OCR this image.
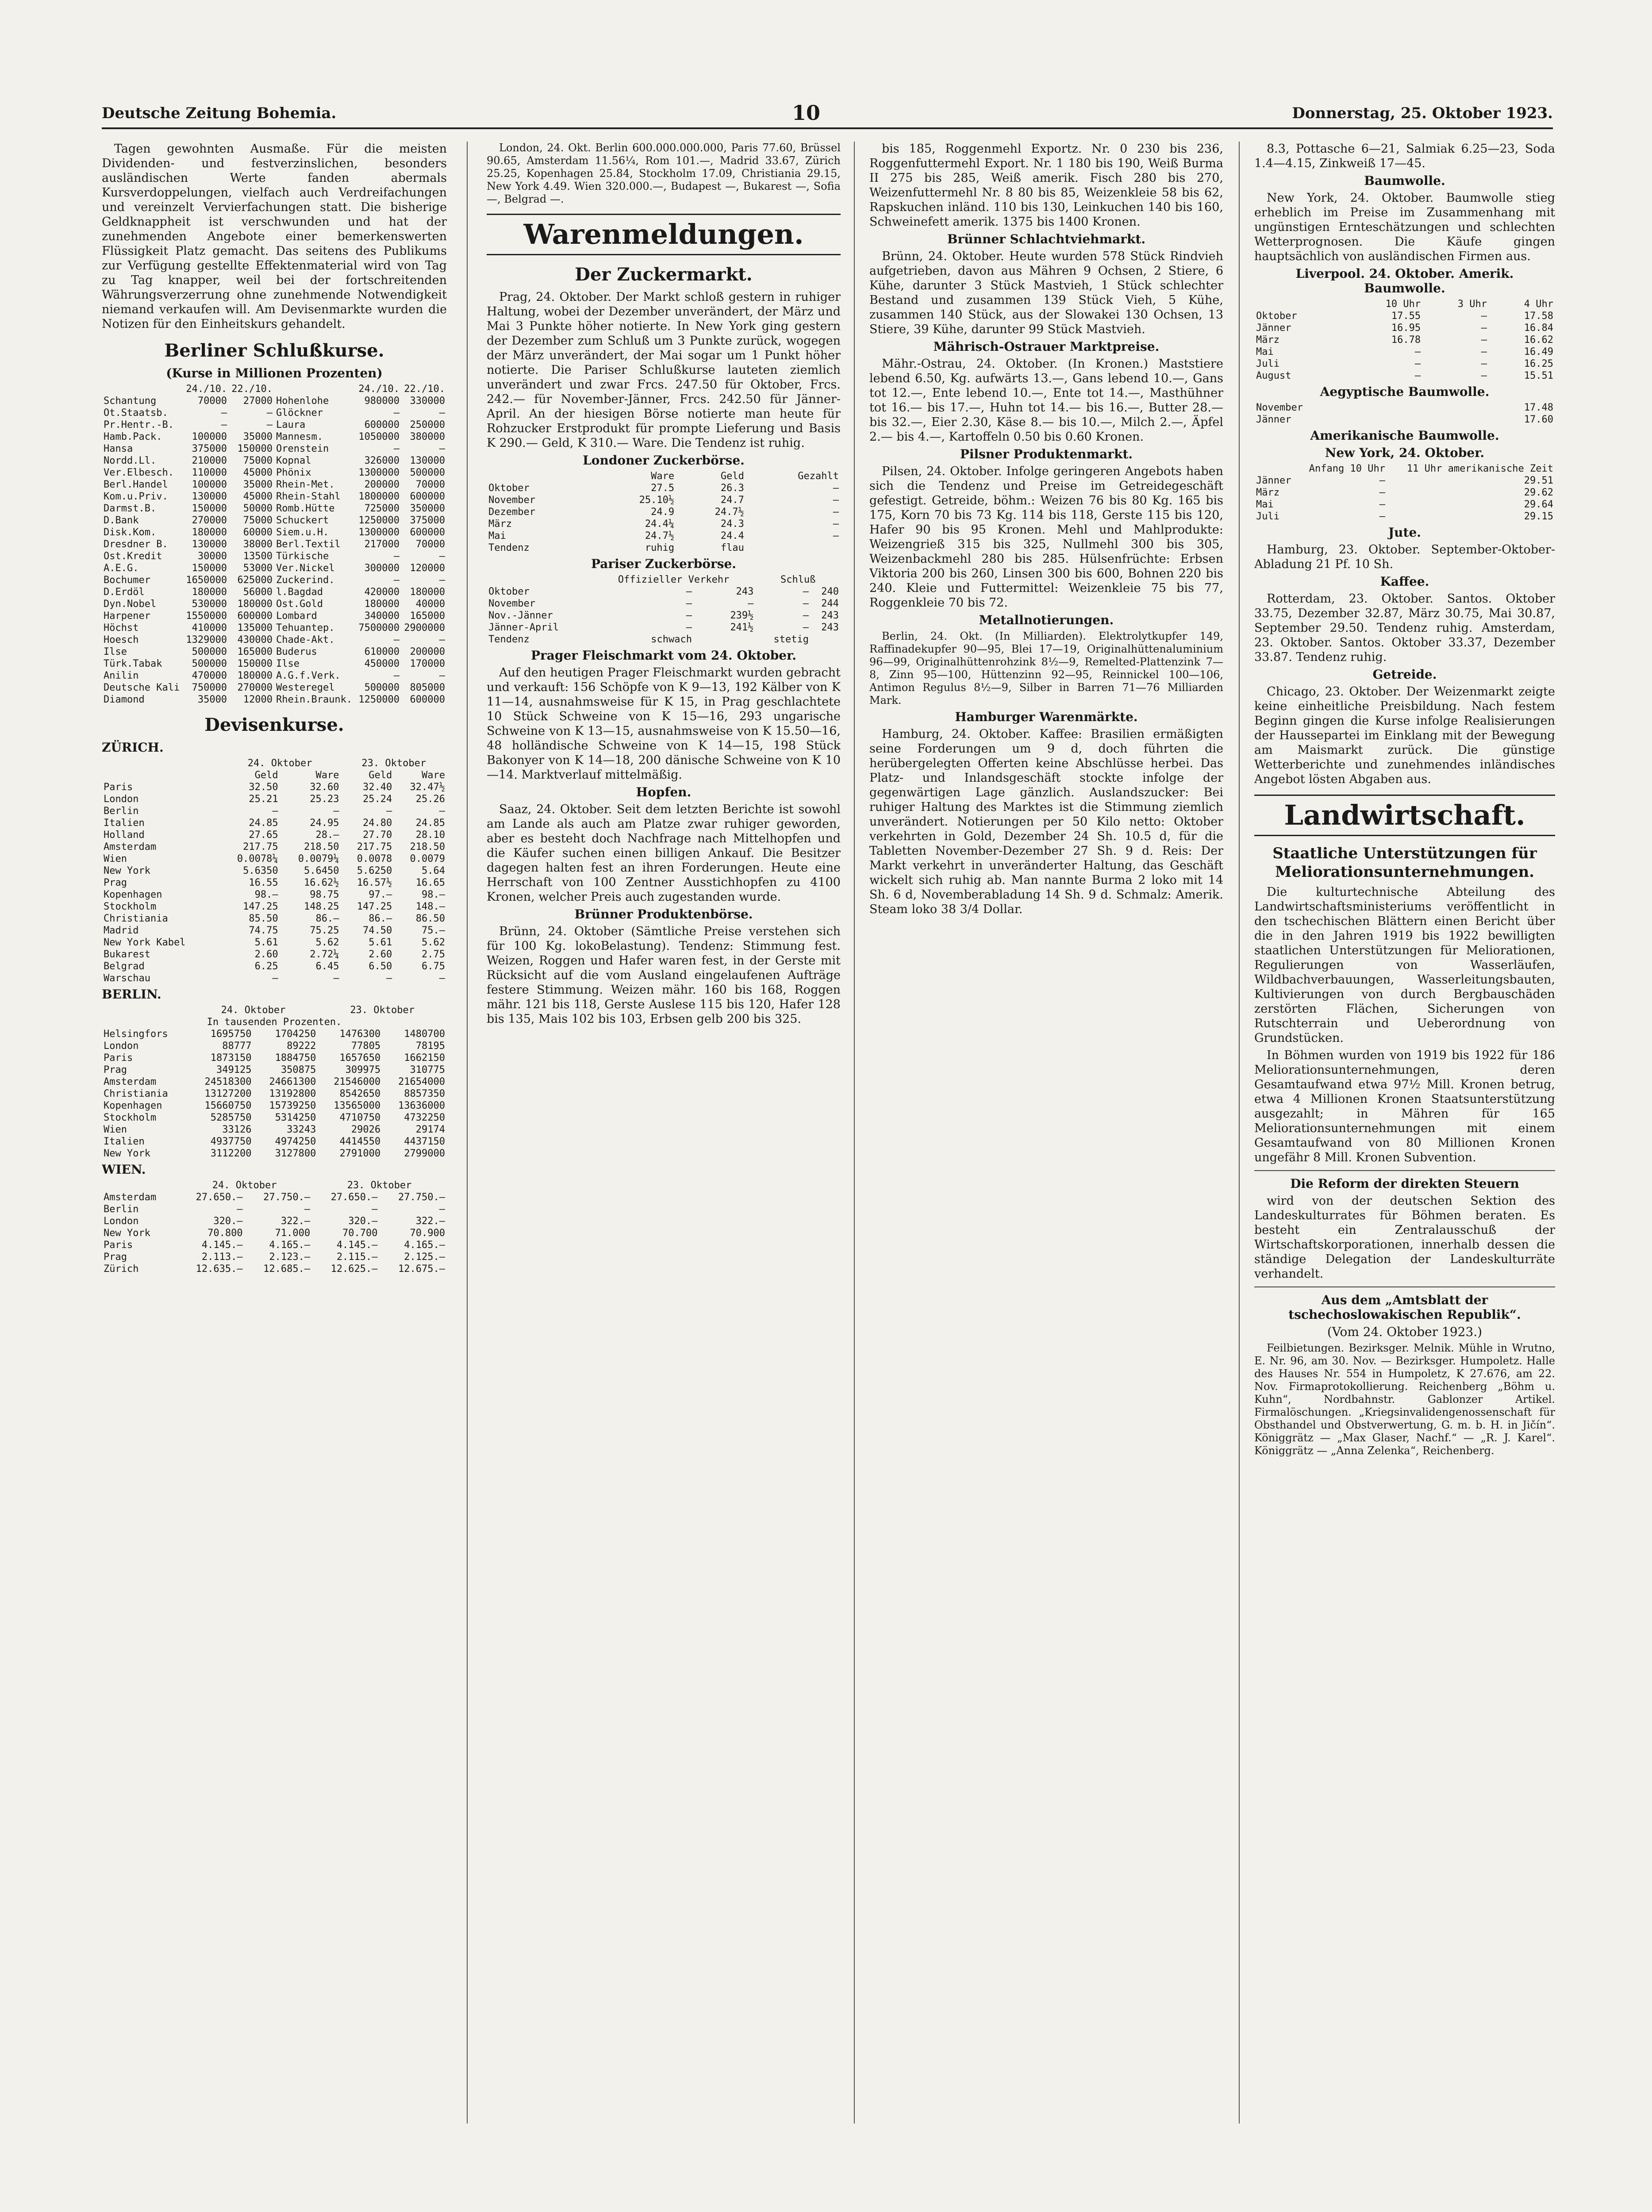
Deutsche Zeitung Bohemia.	10	Donnerstag, 25. Oktober 1923.

Tagen gewohnten Ausmaße. Für die meisten Dividenden- und festverzinslichen, besonders ausländischen Werte fanden abermals Kursverdoppelungen, vielfach auch Verdreifachungen und vereinzelt Vervierfachungen statt. Die bisherige Geldknappheit ist verschwunden und hat der zunehmenden Angebote einer bemerkenswerten Flüssigkeit Platz gemacht. Das seitens des Publikums zur Verfügung gestellte Effektenmaterial wird von Tag zu Tag knapper, weil bei der fortschreitenden Währungsverzerrung ohne zunehmende Notwendigkeit niemand verkaufen will. Am Devisenmarkte wurden die Notizen für den Einheitskurs gehandelt.

Berliner Schlußkurse.
(Kurse in Millionen Prozenten)
	24./10.	22./10.		24./10.	22./10.
Schantung	70000	27000	Hohenlohe	980000	330000
Ot.Staatsb.	—	—	Glöckner	—	—
Pr.Hentr.-B.	—	—	Laura	600000	250000
Hamb.Pack.	100000	35000	Mannesm.	1050000	380000
Hansa	375000	150000	Orenstein	—	—
Nordd.Ll.	210000	75000	Kopnal	326000	130000
Ver.Elbesch.	110000	45000	Phönix	1300000	500000
Berl.Handel	100000	35000	Rhein-Met.	200000	70000
Kom.u.Priv.	130000	45000	Rhein-Stahl	1800000	600000
Darmst.B.	150000	50000	Romb.Hütte	725000	350000
D.Bank	270000	75000	Schuckert	1250000	375000
Disk.Kom.	180000	60000	Siem.u.H.	1300000	600000
Dresdner B.	130000	38000	Berl.Textil	217000	70000
Ost.Kredit	30000	13500	Türkische	—	—
A.E.G.	150000	53000	Ver.Nickel	300000	120000
Bochumer	1650000	625000	Zuckerind.	—	—
D.Erdöl	180000	56000	l.Bagdad	420000	180000
Dyn.Nobel	530000	180000	Ost.Gold	180000	40000
Harpener	1550000	600000	Lombard	340000	165000
Höchst	410000	135000	Tehuantep.	7500000	2900000
Hoesch	1329000	430000	Chade-Akt.	—	—
Ilse	500000	165000	Buderus	610000	200000
Türk.Tabak	500000	150000	Ilse	450000	170000
Anilin	470000	180000	A.G.f.Verk.	—	—
Deutsche Kali	750000	270000	Westeregel	500000	805000
Diamond	35000	12000	Rhein.Braunk.	1250000	600000
Devisenkurse.
ZÜRICH.
	24. Oktober		23. Oktober	
	Geld	Ware	Geld	Ware
Paris	32.50	32.60	32.40	32.47½
London	25.21	25.23	25.24	25.26
Berlin	—	—	—	—
Italien	24.85	24.95	24.80	24.85
Holland	27.65	28.—	27.70	28.10
Amsterdam	217.75	218.50	217.75	218.50
Wien	0.0078¼	0.0079¼	0.0078	0.0079
New York	5.6350	5.6450	5.6250	5.64
Prag	16.55	16.62½	16.57½	16.65
Kopenhagen	98.—	98.75	97.—	98.—
Stockholm	147.25	148.25	147.25	148.—
Christiania	85.50	86.—	86.—	86.50
Madrid	74.75	75.25	74.50	75.—
New York Kabel	5.61	5.62	5.61	5.62
Bukarest	2.60	2.72¼	2.60	2.75
Belgrad	6.25	6.45	6.50	6.75
Warschau	—	—	—	—
BERLIN.
	24. Oktober		23. Oktober	
In tausenden Prozenten.				
Helsingfors	1695750	1704250	1476300	1480700
London	88777	89222	77805	78195
Paris	1873150	1884750	1657650	1662150
Prag	349125	350875	309975	310775
Amsterdam	24518300	24661300	21546000	21654000
Christiania	13127200	13192800	8542650	8857350
Kopenhagen	15660750	15739250	13565000	13636000
Stockholm	5285750	5314250	4710750	4732250
Wien	33126	33243	29026	29174
Italien	4937750	4974250	4414550	4437150
New York	3112200	3127800	2791000	2799000
WIEN.
	24. Oktober		23. Oktober	
Amsterdam	27.650.—	27.750.—	27.650.—	27.750.—
Berlin	—	—	—	—
London	320.—	322.—	320.—	322.—
New York	70.800	71.000	70.700	70.900
Paris	4.145.—	4.165.—	4.145.—	4.165.—
Prag	2.113.—	2.123.—	2.115.—	2.125.—
Zürich	12.635.—	12.685.—	12.625.—	12.675.—

London, 24. Okt. Berlin 600.000.000.000, Paris 77.60, Brüssel 90.65, Amsterdam 11.56¼, Rom 101.—, Madrid 33.67, Zürich 25.25, Kopenhagen 25.84, Stockholm 17.09, Christiania 29.15, New York 4.49. Wien 320.000.—, Budapest —, Bukarest —, Sofia —, Belgrad —.

Warenmeldungen.
Der Zuckermarkt.

Prag, 24. Oktober. Der Markt schloß gestern in ruhiger Haltung, wobei der Dezember unverändert, der März und Mai 3 Punkte höher notierte. In New York ging gestern der Dezember zum Schluß um 3 Punkte zurück, wogegen der März unverändert, der Mai sogar um 1 Punkt höher notierte. Die Pariser Schlußkurse lauteten ziemlich unverändert und zwar Frcs. 247.50 für Oktober, Frcs. 242.— für November-Jänner, Frcs. 242.50 für Jänner-April. An der hiesigen Börse notierte man heute für Rohzucker Erstprodukt für prompte Lieferung und Basis K 290.— Geld, K 310.— Ware. Die Tendenz ist ruhig.

Londoner Zuckerbörse.
	Ware	Geld	Gezahlt
Oktober	27.5	26.3	—
November	25.10½	24.7	—
Dezember	24.9	24.7½	—
März	24.4¼	24.3	—
Mai	24.7½	24.4	—
Tendenz	ruhig	flau	
Pariser Zuckerbörse.
	Offizieller Verkehr		Schluß	
Oktober	—	243	—	240
November	—	—	—	244
Nov.-Jänner	—	239½	—	243
Jänner-April	—	241½	—	243
Tendenz	schwach		stetig	
Prager Fleischmarkt vom 24. Oktober.

Auf den heutigen Prager Fleischmarkt wurden gebracht und verkauft: 156 Schöpfe von K 9—13, 192 Kälber von K 11—14, ausnahmsweise für K 15, in Prag geschlachtete 10 Stück Schweine von K 15—16, 293 ungarische Schweine von K 13—15, ausnahmsweise von K 15.50—16, 48 holländische Schweine von K 14—15, 198 Stück Bakonyer von K 14—18, 200 dänische Schweine von K 10—14. Marktverlauf mittelmäßig.

Hopfen.

Saaz, 24. Oktober. Seit dem letzten Berichte ist sowohl am Lande als auch am Platze zwar ruhiger geworden, aber es besteht doch Nachfrage nach Mittelhopfen und die Käufer suchen einen billigen Ankauf. Die Besitzer dagegen halten fest an ihren Forderungen. Heute eine Herrschaft von 100 Zentner Ausstichhopfen zu 4100 Kronen, welcher Preis auch zugestanden wurde.

Brünner Produktenbörse.

Brünn, 24. Oktober (Sämtliche Preise verstehen sich für 100 Kg. lokoBelastung). Tendenz: Stimmung fest. Weizen, Roggen und Hafer waren fest, in der Gerste mit Rücksicht auf die vom Ausland eingelaufenen Aufträge festere Stimmung. Weizen mähr. 160 bis 168, Roggen mähr. 121 bis 118, Gerste Auslese 115 bis 120, Hafer 128 bis 135, Mais 102 bis 103, Erbsen gelb 200 bis 325.

bis 185, Roggenmehl Exportz. Nr. 0 230 bis 236, Roggenfuttermehl Export. Nr. 1 180 bis 190, Weiß Burma II 275 bis 285, Weiß amerik. Fisch 280 bis 270, Weizenfuttermehl Nr. 8 80 bis 85, Weizenkleie 58 bis 62, Rapskuchen inländ. 110 bis 130, Leinkuchen 140 bis 160, Schweinefett amerik. 1375 bis 1400 Kronen.

Brünner Schlachtviehmarkt.

Brünn, 24. Oktober. Heute wurden 578 Stück Rindvieh aufgetrieben, davon aus Mähren 9 Ochsen, 2 Stiere, 6 Kühe, darunter 3 Stück Mastvieh, 1 Stück schlechter Bestand und zusammen 139 Stück Vieh, 5 Kühe, zusammen 140 Stück, aus der Slowakei 130 Ochsen, 13 Stiere, 39 Kühe, darunter 99 Stück Mastvieh.

Mährisch-Ostrauer Marktpreise.

Mähr.-Ostrau, 24. Oktober. (In Kronen.) Maststiere lebend 6.50, Kg. aufwärts 13.—, Gans lebend 10.—, Gans tot 12.—, Ente lebend 10.—, Ente tot 14.—, Masthühner tot 16.— bis 17.—, Huhn tot 14.— bis 16.—, Butter 28.— bis 32.—, Eier 2.30, Käse 8.— bis 10.—, Milch 2.—, Äpfel 2.— bis 4.—, Kartoffeln 0.50 bis 0.60 Kronen.

Pilsner Produktenmarkt.

Pilsen, 24. Oktober. Infolge geringeren Angebots haben sich die Tendenz und Preise im Getreidegeschäft gefestigt. Getreide, böhm.: Weizen 76 bis 80 Kg. 165 bis 175, Korn 70 bis 73 Kg. 114 bis 118, Gerste 115 bis 120, Hafer 90 bis 95 Kronen. Mehl und Mahlprodukte: Weizengrieß 315 bis 325, Nullmehl 300 bis 305, Weizenbackmehl 280 bis 285. Hülsenfrüchte: Erbsen Viktoria 200 bis 260, Linsen 300 bis 600, Bohnen 220 bis 240. Kleie und Futtermittel: Weizenkleie 75 bis 77, Roggenkleie 70 bis 72.

Metallnotierungen.

Berlin, 24. Okt. (In Milliarden). Elektrolytkupfer 149, Raffinadekupfer 90—95, Blei 17—19, Originalhüttenaluminium 96—99, Originalhüttenrohzink 8½—9, Remelted-Plattenzink 7—8, Zinn 95—100, Hüttenzinn 92—95, Reinnickel 100—106, Antimon Regulus 8½—9, Silber in Barren 71—76 Milliarden Mark.

Hamburger Warenmärkte.

Hamburg, 24. Oktober. Kaffee: Brasilien ermäßigten seine Forderungen um 9 d, doch führten die herübergelegten Offerten keine Abschlüsse herbei. Das Platz- und Inlandsgeschäft stockte infolge der gegenwärtigen Lage gänzlich. Auslandszucker: Bei ruhiger Haltung des Marktes ist die Stimmung ziemlich unverändert. Notierungen per 50 Kilo netto: Oktober verkehrten in Gold, Dezember 24 Sh. 10.5 d, für die Tabletten November-Dezember 27 Sh. 9 d. Reis: Der Markt verkehrt in unveränderter Haltung, das Geschäft wickelt sich ruhig ab. Man nannte Burma 2 loko mit 14 Sh. 6 d, Novemberabladung 14 Sh. 9 d. Schmalz: Amerik. Steam loko 38 3/4 Dollar.

8.3, Pottasche 6—21, Salmiak 6.25—23, Soda 1.4—4.15, Zinkweiß 17—45.

Baumwolle.

New York, 24. Oktober. Baumwolle stieg erheblich im Preise im Zusammenhang mit ungünstigen Ernteschätzungen und schlechten Wetterprognosen. Die Käufe gingen hauptsächlich von ausländischen Firmen aus.

Liverpool. 24. Oktober. Amerik. Baumwolle.
	10 Uhr	3 Uhr	4 Uhr
Oktober	17.55	—	17.58
Jänner	16.95	—	16.84
März	16.78	—	16.62
Mai	—	—	16.49
Juli	—	—	16.25
August	—	—	15.51
Aegyptische Baumwolle.
November	17.48
Jänner	17.60
Amerikanische Baumwolle.
New York, 24. Oktober.
	Anfang 10 Uhr	11 Uhr amerikanische Zeit
Jänner	—	29.51
März	—	29.62
Mai	—	29.64
Juli	—	29.15
Jute.

Hamburg, 23. Oktober. September-Oktober-Abladung 21 Pf. 10 Sh.

Kaffee.

Rotterdam, 23. Oktober. Santos. Oktober 33.75, Dezember 32.87, März 30.75, Mai 30.87, September 29.50. Tendenz ruhig. Amsterdam, 23. Oktober. Santos. Oktober 33.37, Dezember 33.87. Tendenz ruhig.

Getreide.

Chicago, 23. Oktober. Der Weizenmarkt zeigte keine einheitliche Preisbildung. Nach festem Beginn gingen die Kurse infolge Realisierungen der Haussepartei im Einklang mit der Bewegung am Maismarkt zurück. Die günstige Wetterberichte und zunehmendes inländisches Angebot lösten Abgaben aus.

Landwirtschaft.
Staatliche Unterstützungen für Meliorationsunternehmungen.

Die kulturtechnische Abteilung des Landwirtschaftsministeriums veröffentlicht in den tschechischen Blättern einen Bericht über die in den Jahren 1919 bis 1922 bewilligten staatlichen Unterstützungen für Meliorationen, Regulierungen von Wasserläufen, Wildbachverbauungen, Wasserleitungsbauten, Kultivierungen von durch Bergbauschäden zerstörten Flächen, Sicherungen von Rutschterrain und Ueberordnung von Grundstücken.

In Böhmen wurden von 1919 bis 1922 für 186 Meliorationsunternehmungen, deren Gesamtaufwand etwa 97½ Mill. Kronen betrug, etwa 4 Millionen Kronen Staatsunterstützung ausgezahlt; in Mähren für 165 Meliorationsunternehmungen mit einem Gesamtaufwand von 80 Millionen Kronen ungefähr 8 Mill. Kronen Subvention.

Die Reform der direkten Steuern

wird von der deutschen Sektion des Landeskulturrates für Böhmen beraten. Es besteht ein Zentralausschuß der Wirtschaftskorporationen, innerhalb dessen die ständige Delegation der Landeskulturräte verhandelt.

Aus dem „Amtsblatt der tschechoslowakischen Republik“.
(Vom 24. Oktober 1923.)

Feilbietungen. Bezirksger. Melnik. Mühle in Wrutno, E. Nr. 96, am 30. Nov. — Bezirksger. Humpoletz. Halle des Hauses Nr. 554 in Humpoletz, K 27.676, am 22. Nov. Firmaprotokollierung. Reichenberg „Böhm u. Kuhn“, Nordbahnstr. Gablonzer Artikel. Firmalöschungen. „Kriegsinvalidengenossenschaft für Obsthandel und Obstverwertung, G. m. b. H. in Jičín“. Königgrätz — „Max Glaser, Nachf.“ — „R. J. Karel“. Königgrätz — „Anna Zelenka“, Reichenberg.
